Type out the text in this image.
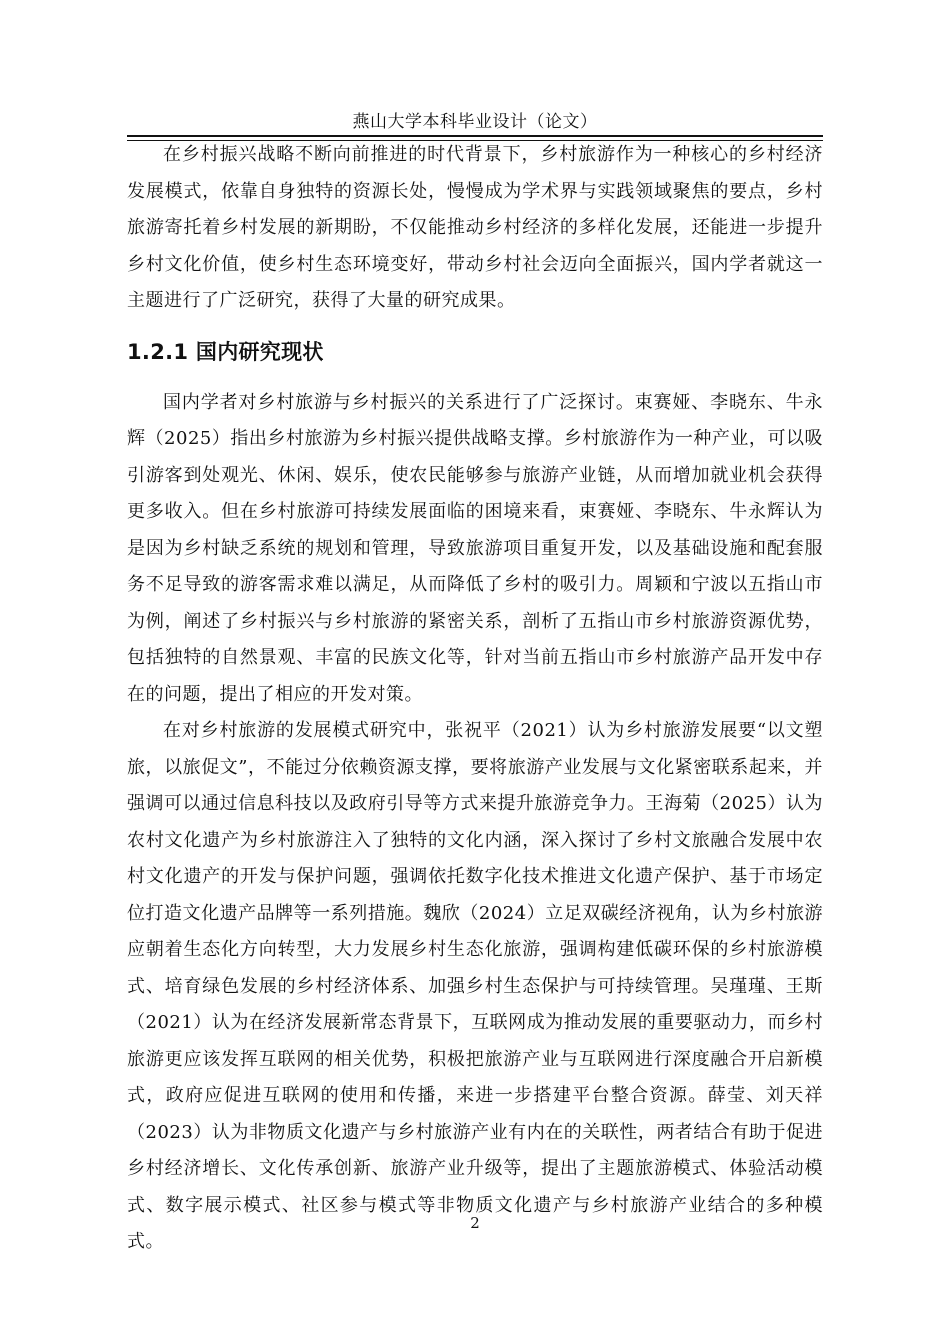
燕山大学本科毕业设计（论文）

在乡村振兴战略不断向前推进的时代背景下，乡村旅游作为一种核心的乡村经济发展模式，依靠自身独特的资源长处，慢慢成为学术界与实践领域聚焦的要点，乡村旅游寄托着乡村发展的新期盼，不仅能推动乡村经济的多样化发展，还能进一步提升乡村文化价值，使乡村生态环境变好，带动乡村社会迈向全面振兴，国内学者就这一主题进行了广泛研究，获得了大量的研究成果。

1.2.1 国内研究现状

国内学者对乡村旅游与乡村振兴的关系进行了广泛探讨。束赛娅、李晓东、牛永辉（2025）指出乡村旅游为乡村振兴提供战略支撑。乡村旅游作为一种产业，可以吸引游客到处观光、休闲、娱乐，使农民能够参与旅游产业链，从而增加就业机会获得更多收入。但在乡村旅游可持续发展面临的困境来看，束赛娅、李晓东、牛永辉认为是因为乡村缺乏系统的规划和管理，导致旅游项目重复开发，以及基础设施和配套服务不足导致的游客需求难以满足，从而降低了乡村的吸引力。周颖和宁波以五指山市为例，阐述了乡村振兴与乡村旅游的紧密关系，剖析了五指山市乡村旅游资源优势，包括独特的自然景观、丰富的民族文化等，针对当前五指山市乡村旅游产品开发中存在的问题，提出了相应的开发对策。

在对乡村旅游的发展模式研究中，张祝平（2021）认为乡村旅游发展要“以文塑旅，以旅促文”，不能过分依赖资源支撑，要将旅游产业发展与文化紧密联系起来，并强调可以通过信息科技以及政府引导等方式来提升旅游竞争力。王海菊（2025）认为农村文化遗产为乡村旅游注入了独特的文化内涵，深入探讨了乡村文旅融合发展中农村文化遗产的开发与保护问题，强调依托数字化技术推进文化遗产保护、基于市场定位打造文化遗产品牌等一系列措施。魏欣（2024）立足双碳经济视角，认为乡村旅游应朝着生态化方向转型，大力发展乡村生态化旅游，强调构建低碳环保的乡村旅游模式、培育绿色发展的乡村经济体系、加强乡村生态保护与可持续管理。吴瑾瑾、王斯（2021）认为在经济发展新常态背景下，互联网成为推动发展的重要驱动力，而乡村旅游更应该发挥互联网的相关优势，积极把旅游产业与互联网进行深度融合开启新模式，政府应促进互联网的使用和传播，来进一步搭建平台整合资源。薛莹、刘天祥（2023）认为非物质文化遗产与乡村旅游产业有内在的关联性，两者结合有助于促进乡村经济增长、文化传承创新、旅游产业升级等，提出了主题旅游模式、体验活动模式、数字展示模式、社区参与模式等非物质文化遗产与乡村旅游产业结合的多种模式。

2
